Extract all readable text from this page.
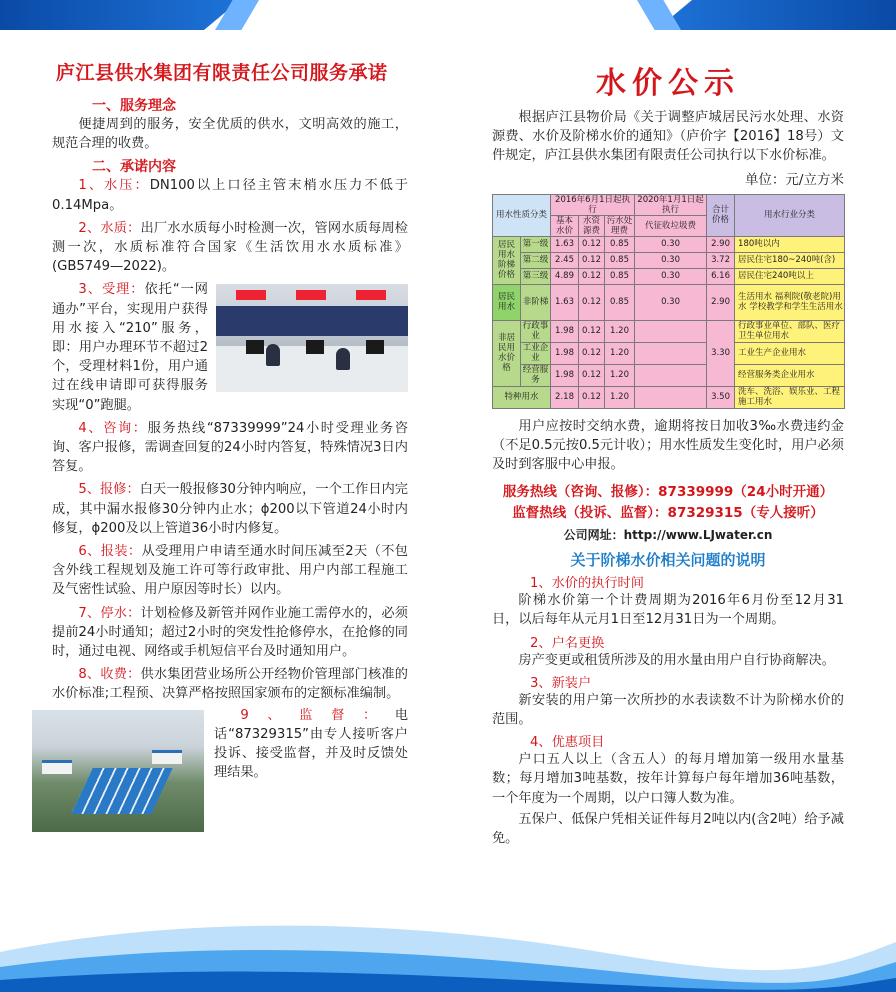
庐江县供水集团有限责任公司服务承诺
一、服务理念
便捷周到的服务，安全优质的供水，文明高效的施工，规范合理的收费。
二、承诺内容
1、水压：DN100以上口径主管末梢水压力不低于0.14Mpa。
2、水质：出厂水水质每小时检测一次，管网水质每周检测一次，水质标准符合国家《生活饮用水水质标准》(GB5749—2022)。
3、受理：依托“一网通办”平台，实现用户获得用水接入“210”服务，即：用户办理环节不超过2个，受理材料1份，用户通过在线申请即可获得服务实现“0”跑腿。
4、咨询：服务热线“87339999”24小时受理业务咨询、客户报修，需调查回复的24小时内答复，特殊情况3日内答复。
5、报修：白天一般报修30分钟内响应，一个工作日内完成，其中漏水报修30分钟内止水；ϕ200以下管道24小时内修复，ϕ200及以上管道36小时内修复。
6、报装：从受理用户申请至通水时间压减至2天（不包含外线工程规划及施工许可等行政审批、用户内部工程施工及气密性试验、用户原因等时长）以内。
7、停水：计划检修及新管并网作业施工需停水的，必须提前24小时通知；超过2小时的突发性抢修停水，在抢修的同时，通过电视、网络或手机短信平台及时通知用户。
8、收费：供水集团营业场所公开经物价管理部门核准的水价标准;工程预、决算严格按照国家颁布的定额标准编制。
9、监督：电话“87329315”由专人接听客户投诉、接受监督，并及时反馈处理结果。
水价公示
根据庐江县物价局《关于调整庐城居民污水处理、水资源费、水价及阶梯水价的通知》（庐价字【2016】18号）文件规定，庐江县供水集团有限责任公司执行以下水价标准。
单位：元/立方米
用水性质分类		2016年6月1日起执行			2020年1月1日起执行	合计价格	用水行业分类
		基本水价	水资源费	污水处理费	代征收垃圾费		
居民用水阶梯价格	第一级	1.63	0.12	0.85	0.30	2.90	180吨以内
	第二级	2.45	0.12	0.85	0.30	3.72	居民住宅180~240吨(含)
	第三级	4.89	0.12	0.85	0.30	6.16	居民住宅240吨以上
居民用水	非阶梯	1.63	0.12	0.85	0.30	2.90	生活用水 福利院(敬老院)用水 学校教学和学生生活用水
非居民用水价格	行政事业	1.98	0.12	1.20		3.30	行政事业单位、部队、医疗卫生单位用水
	工业企业	1.98	0.12	1.20			工业生产企业用水
	经营服务	1.98	0.12	1.20			经营服务类企业用水
特种用水		2.18	0.12	1.20		3.50	洗车、洗浴、娱乐业、工程施工用水
用户应按时交纳水费，逾期将按日加收3‰水费违约金（不足0.5元按0.5元计收）；用水性质发生变化时，用户必须及时到客服中心申报。
服务热线（咨询、报修）：87339999（24小时开通）
监督热线（投诉、监督）：87329315（专人接听）
公司网址：http://www.LJwater.cn
关于阶梯水价相关问题的说明
1、水价的执行时间
阶梯水价第一个计费周期为2016年6月份至12月31日，以后每年从元月1日至12月31日为一个周期。
2、户名更换
房产变更或租赁所涉及的用水量由用户自行协商解决。
3、新装户
新安装的用户第一次所抄的水表读数不计为阶梯水价的范围。
4、优惠项目
户口五人以上（含五人）的每月增加第一级用水量基数；每月增加3吨基数，按年计算每户每年增加36吨基数，一个年度为一个周期，以户口簿人数为准。
五保户、低保户凭相关证件每月2吨以内(含2吨）给予减免。
